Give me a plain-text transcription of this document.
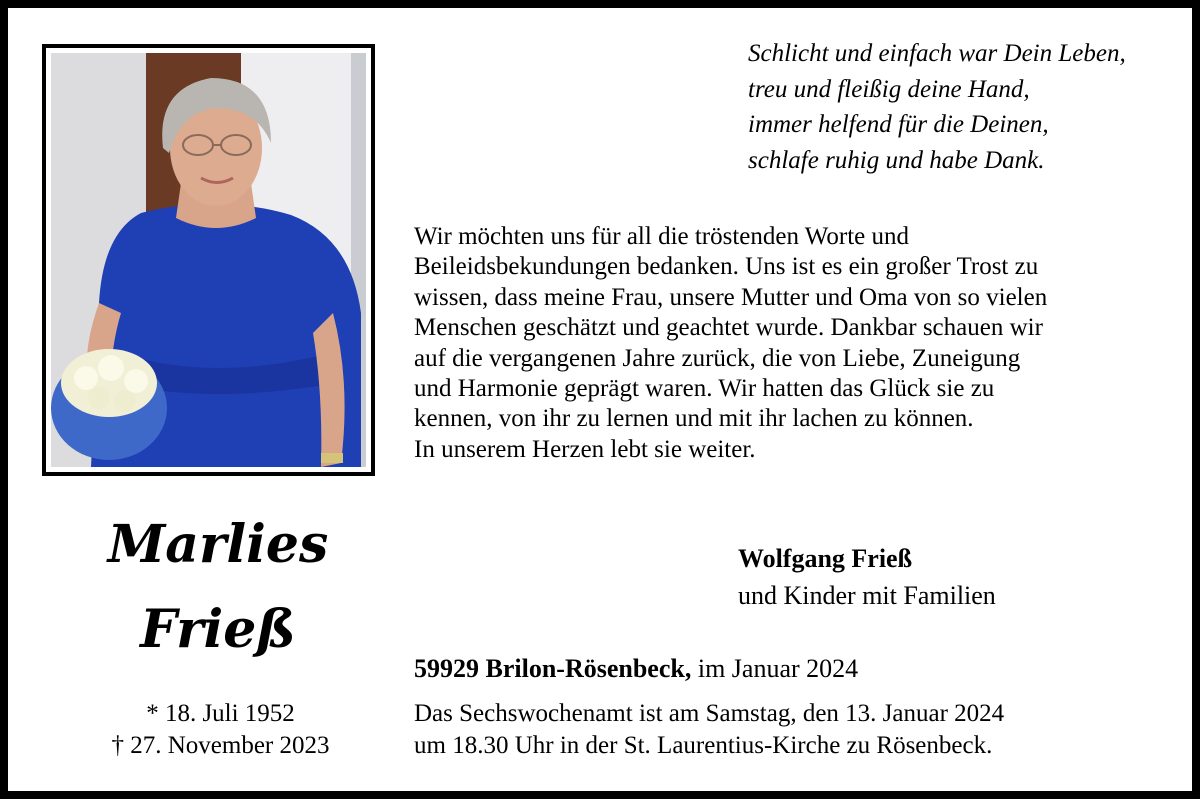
Schlicht und einfach war Dein Leben,
treu und fleißig deine Hand,
immer helfend für die Deinen,
schlafe ruhig und habe Dank.
Wir möchten uns für all die tröstenden Worte und
Beileidsbekundungen bedanken. Uns ist es ein großer Trost zu
wissen, dass meine Frau, unsere Mutter und Oma von so vielen
Menschen geschätzt und geachtet wurde. Dankbar schauen wir
auf die vergangenen Jahre zurück, die von Liebe, Zuneigung
und Harmonie geprägt waren. Wir hatten das Glück sie zu
kennen, von ihr zu lernen und mit ihr lachen zu können.
In unserem Herzen lebt sie weiter.
Marlies
Frieß
* 18. Juli 1952
† 27. November 2023
Wolfgang Frieß
und Kinder mit Familien
59929 Brilon-Rösenbeck, im Januar 2024
Das Sechswochenamt ist am Samstag, den 13. Januar 2024
um 18.30 Uhr in der St. Laurentius-Kirche zu Rösenbeck.
